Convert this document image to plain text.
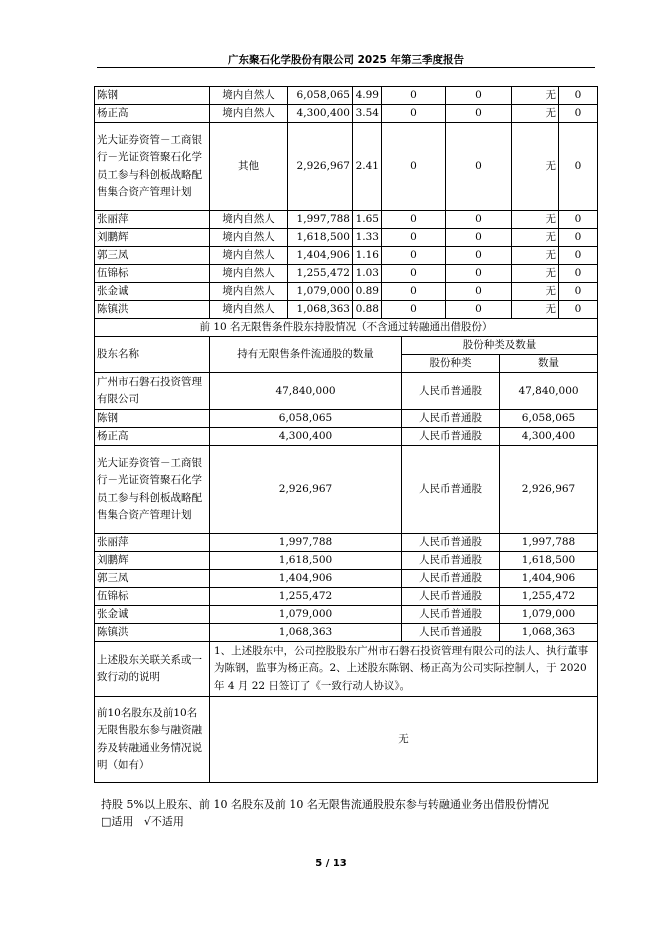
广东聚石化学股份有限公司 2025 年第三季度报告
陈钢	境内自然人	6,058,065	4.99	0	0	无	0
杨正高	境内自然人	4,300,400	3.54	0	0	无	0
光大证券资管－工商银行－光证资管聚石化学员工参与科创板战略配售集合资产管理计划	其他	2,926,967	2.41	0	0	无	0
张丽萍	境内自然人	1,997,788	1.65	0	0	无	0
刘鹏辉	境内自然人	1,618,500	1.33	0	0	无	0
郭三凤	境内自然人	1,404,906	1.16	0	0	无	0
伍锦标	境内自然人	1,255,472	1.03	0	0	无	0
张金诚	境内自然人	1,079,000	0.89	0	0	无	0
陈镇洪	境内自然人	1,068,363	0.88	0	0	无	0
前 10 名无限售条件股东持股情况（不含通过转融通出借股份）			
股东名称	持有无限售条件流通股的数量	股份种类及数量	
		股份种类	数量
广州市石磐石投资管理有限公司	47,840,000	人民币普通股	47,840,000
陈钢	6,058,065	人民币普通股	6,058,065
杨正高	4,300,400	人民币普通股	4,300,400
光大证券资管－工商银行－光证资管聚石化学员工参与科创板战略配售集合资产管理计划	2,926,967	人民币普通股	2,926,967
张丽萍	1,997,788	人民币普通股	1,997,788
刘鹏辉	1,618,500	人民币普通股	1,618,500
郭三凤	1,404,906	人民币普通股	1,404,906
伍锦标	1,255,472	人民币普通股	1,255,472
张金诚	1,079,000	人民币普通股	1,079,000
陈镇洪	1,068,363	人民币普通股	1,068,363
上述股东关联关系或一致行动的说明	1、上述股东中，公司控股股东广州市石磐石投资管理有限公司的法人、执行董事为陈钢，监事为杨正高。2、上述股东陈钢、杨正高为公司实际控制人，于 2020 年 4 月 22 日签订了《一致行动人协议》。		
前10名股东及前10名无限售股东参与融资融券及转融通业务情况说明（如有）	无		
持股 5%以上股东、前 10 名股东及前 10 名无限售流通股股东参与转融通业务出借股份情况
□适用 √不适用
5 / 13
